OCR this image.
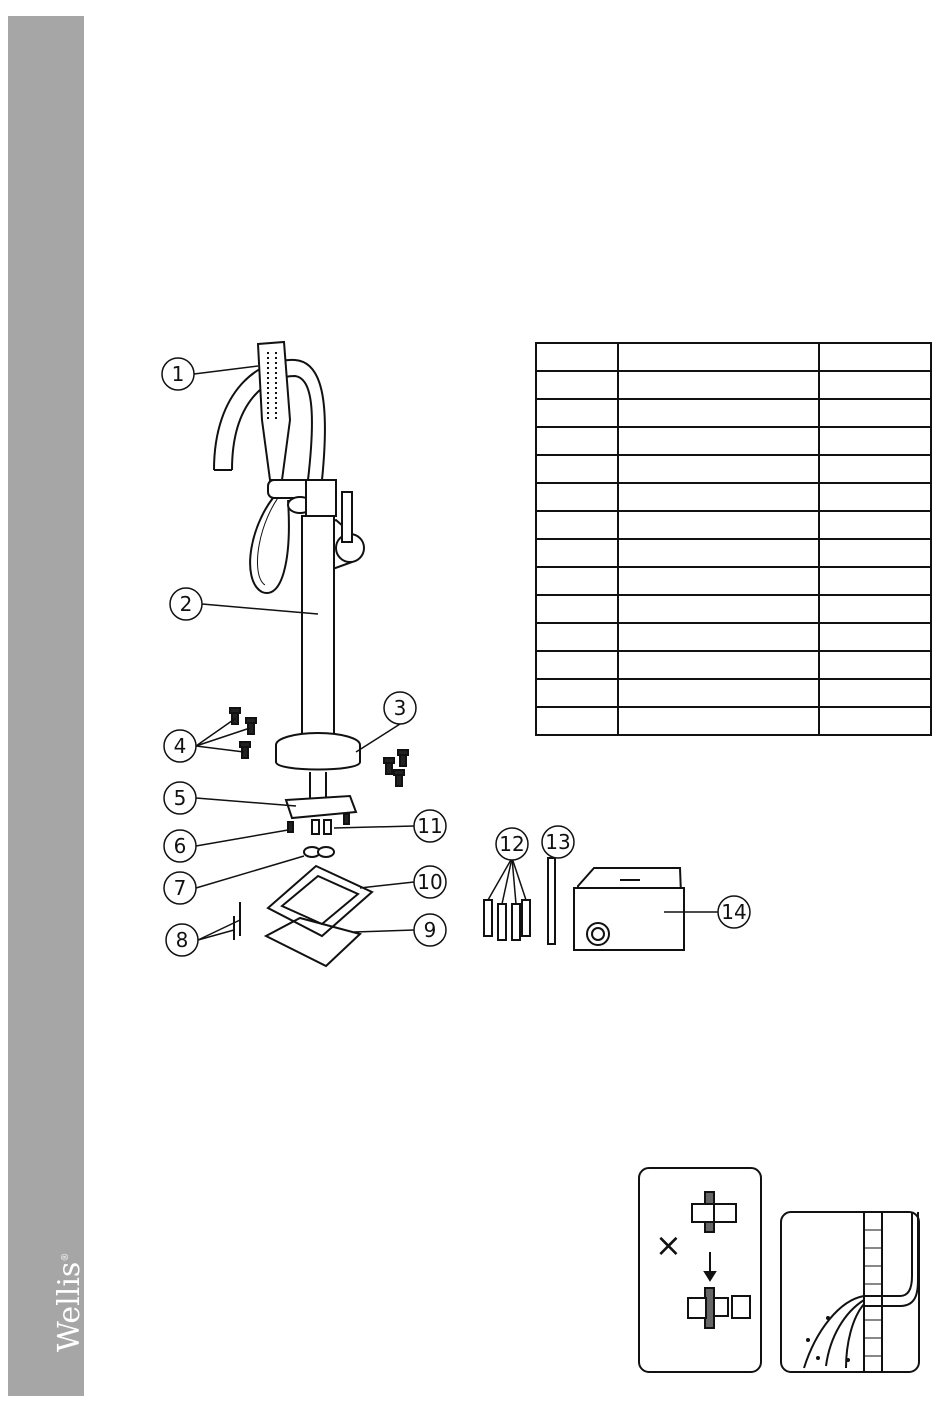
Wellis®

1
2
3
4
5
6
7
8	9
10
11
12 13
14
×
